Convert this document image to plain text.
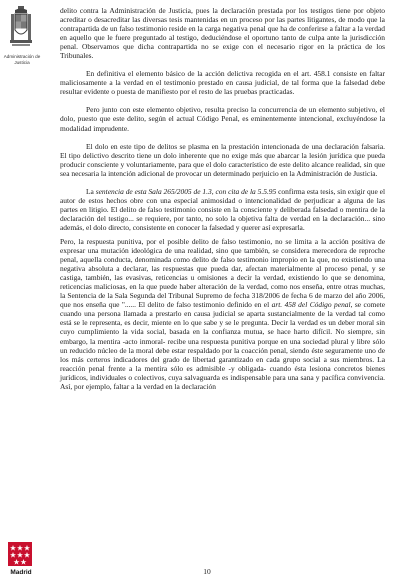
Administración de Justicia
Madrid

delito contra la Administración de Justicia, pues la declaración prestada por los testigos tiene por objeto acreditar o desacreditar las diversas tesis mantenidas en un proceso por las partes litigantes, de modo que la contrapartida de un falso testimonio reside en la carga negativa penal que ha de conferirse a faltar a la verdad en aquello que le fuere preguntado al testigo, deduciéndose el oportuno tanto de culpa ante la jurisdicción penal. Observamos que dicha contrapartida no se exige con el necesario rigor en la práctica de los Tribunales.

En definitiva el elemento básico de la acción delictiva recogida en el art. 458.1 consiste en faltar maliciosamente a la verdad en el testimonio prestado en causa judicial, de tal forma que la falsedad debe resultar evidente o puesta de manifiesto por el resto de las pruebas practicadas.

Pero junto con este elemento objetivo, resulta preciso la concurrencia de un elemento subjetivo, el dolo, puesto que este delito, según el actual Código Penal, es eminentemente intencional, excluyéndose la modalidad imprudente.

El dolo en este tipo de delitos se plasma en la prestación intencionada de una declaración falsaria. El tipo delictivo descrito tiene un dolo inherente que no exige más que abarcar la lesión jurídica que pueda producir consciente y voluntariamente, para que el dolo característico de este delito alcance realidad, sin que sea necesaria la intención adicional de provocar un determinado perjuicio en la Administración de Justicia.

La sentencia de esta Sala 265/2005 de 1.3, con cita de la 5.5.95 confirma esta tesis, sin exigir que el autor de estos hechos obre con una especial animosidad o intencionalidad de perjudicar a alguna de las partes en litigio. El delito de falso testimonio consiste en la consciente y deliberada falsedad o mentira de la declaración del testigo... se requiere, por tanto, no solo la objetiva falta de verdad en la declaración... sino además, el dolo directo, consistente en conocer la falsedad y querer así expresarla.

Pero, la respuesta punitiva, por el posible delito de falso testimonio, no se limita a la acción positiva de expresar una mutación ideológica de una realidad, sino que también, se considera merecedora de reproche penal, aquella conducta, denominada como delito de falso testimonio impropio en la que, no existiendo una negativa absoluta a declarar, las respuestas que pueda dar, afectan materialmente al proceso penal, y se castiga, también, las evasivas, reticencias u omisiones a decir la verdad, existiendo lo que se denomina, reticencias maliciosas, en la que puede haber alteración de la verdad, como nos enseña, entre otras muchas, la Sentencia de la Sala Segunda del Tribunal Supremo de fecha 318/2006 de fecha 6 de marzo del año 2006, que nos enseña que "...... El delito de falso testimonio definido en el art. 458 del Código penal, se comete cuando una persona llamada a prestarlo en causa judicial se aparta sustancialmente de la verdad tal como está se le representa, es decir, miente en lo que sabe y se le pregunta. Decir la verdad es un deber moral sin cuyo cumplimiento la vida social, basada en la confianza mutua, se hace harto difícil. No siempre, sin embargo, la mentira -acto inmoral- recibe una respuesta punitiva porque en una sociedad plural y libre sólo un reducido núcleo de la moral debe estar respaldado por la coacción penal, siendo éste seguramente uno de los más certeros indicadores del grado de libertad garantizado en cada grupo social a sus miembros. La reacción penal frente a la mentira sólo es admisible -y obligada- cuando ésta lesiona concretos bienes jurídicos, individuales o colectivos, cuya salvaguarda es indispensable para una sana y pacífica convivencia. Así, por ejemplo, faltar a la verdad en la declaración

10
